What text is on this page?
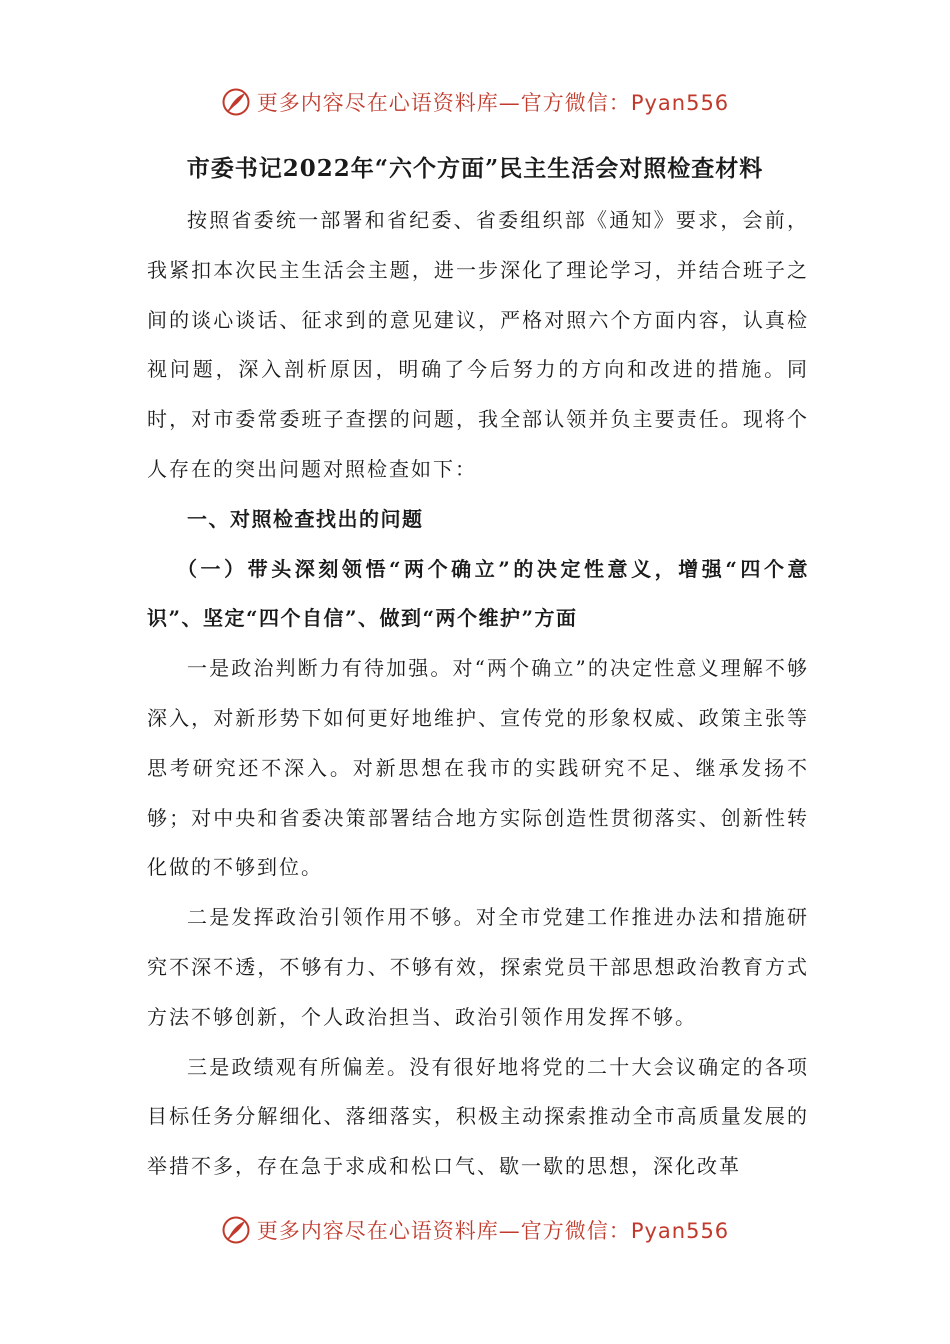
更多内容尽在心语资料库—官方微信：Pyan556
市委书记2022年“六个方面”民主生活会对照检查材料

按照省委统一部署和省纪委、省委组织部《通知》要求，会前，我紧扣本次民主生活会主题，进一步深化了理论学习，并结合班子之间的谈心谈话、征求到的意见建议，严格对照六个方面内容，认真检视问题，深入剖析原因，明确了今后努力的方向和改进的措施。同时，对市委常委班子查摆的问题，我全部认领并负主要责任。现将个人存在的突出问题对照检查如下：

一、对照检查找出的问题

（一）带头深刻领悟“两个确立”的决定性意义，增强“四个意识”、坚定“四个自信”、做到“两个维护”方面

一是政治判断力有待加强。对“两个确立”的决定性意义理解不够深入，对新形势下如何更好地维护、宣传党的形象权威、政策主张等思考研究还不深入。对新思想在我市的实践研究不足、继承发扬不够；对中央和省委决策部署结合地方实际创造性贯彻落实、创新性转化做的不够到位。

二是发挥政治引领作用不够。对全市党建工作推进办法和措施研究不深不透，不够有力、不够有效，探索党员干部思想政治教育方式方法不够创新，个人政治担当、政治引领作用发挥不够。

三是政绩观有所偏差。没有很好地将党的二十大会议确定的各项目标任务分解细化、落细落实，积极主动探索推动全市高质量发展的举措不多，存在急于求成和松口气、歇一歇的思想，深化改革

更多内容尽在心语资料库—官方微信：Pyan556
